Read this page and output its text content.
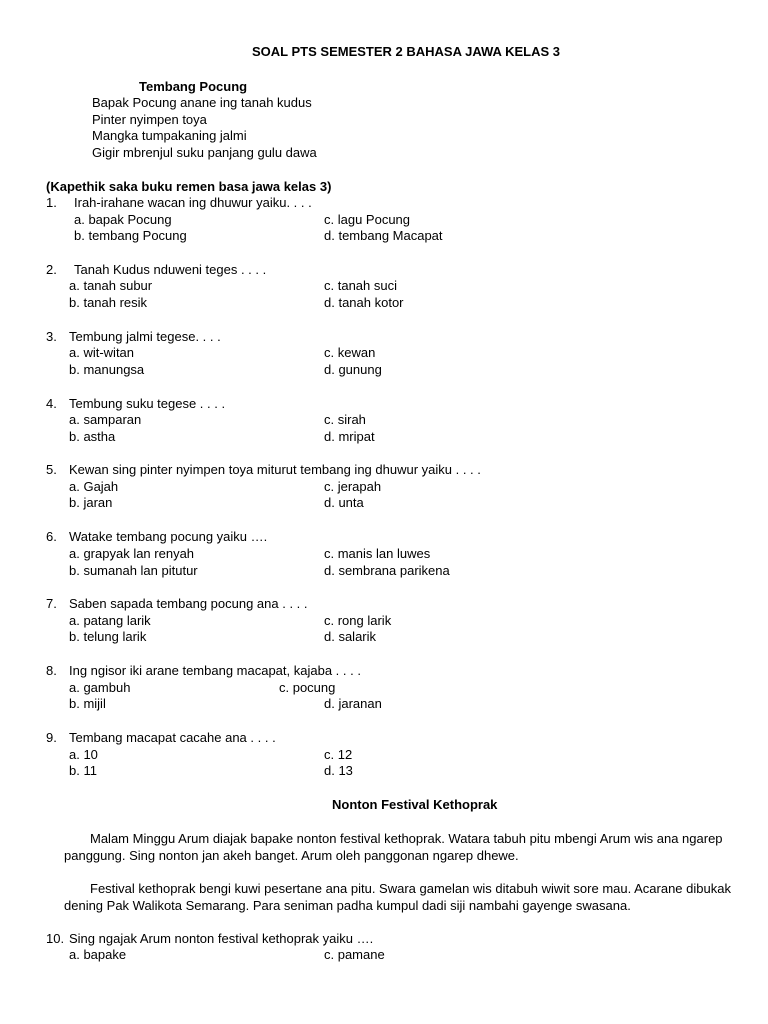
SOAL PTS SEMESTER 2 BAHASA JAWA KELAS 3
Tembang Pocung
Bapak Pocung anane ing tanah kudus
Pinter nyimpen toya
Mangka tumpakaning jalmi
Gigir mbrenjul suku panjang gulu dawa
(Kapethik saka buku remen basa jawa kelas 3)
1. Irah-irahane wacan ing dhuwur yaiku. . . .
a. bapak Pocung	c. lagu Pocung
b. tembang Pocung	d. tembang Macapat
2. Tanah Kudus nduweni teges . . . .
a. tanah subur	c. tanah suci
b. tanah resik	d. tanah kotor
3. Tembung jalmi tegese. . . .
a. wit-witan	c. kewan
b. manungsa	d. gunung
4. Tembung suku tegese . . . .
a. samparan	c. sirah
b. astha	d. mripat
5. Kewan sing pinter nyimpen toya miturut tembang ing dhuwur yaiku . . . .
a. Gajah	c. jerapah
b. jaran	d. unta
6. Watake tembang pocung yaiku ….
a. grapyak lan renyah	c. manis lan luwes
b. sumanah lan pitutur	d. sembrana parikena
7. Saben sapada tembang pocung ana . . . .
a. patang larik	c. rong larik
b. telung larik	d. salarik
8. Ing ngisor iki arane tembang macapat, kajaba . . . .
a. gambuh	c. pocung
b. mijil	d. jaranan
9. Tembang macapat cacahe ana . . . .
a. 10	c. 12
b. 11	d. 13
Nonton Festival Kethoprak
Malam Minggu Arum diajak bapake nonton festival kethoprak. Watara tabuh pitu mbengi Arum wis ana ngarep panggung. Sing nonton jan akeh banget. Arum oleh panggonan ngarep dhewe.
Festival kethoprak bengi kuwi pesertane ana pitu. Swara gamelan wis ditabuh wiwit sore mau. Acarane dibukak dening Pak Walikota Semarang. Para seniman padha kumpul dadi siji nambahi gayenge swasana.
10. Sing ngajak Arum nonton festival kethoprak yaiku ….
a. bapake	c. pamane
